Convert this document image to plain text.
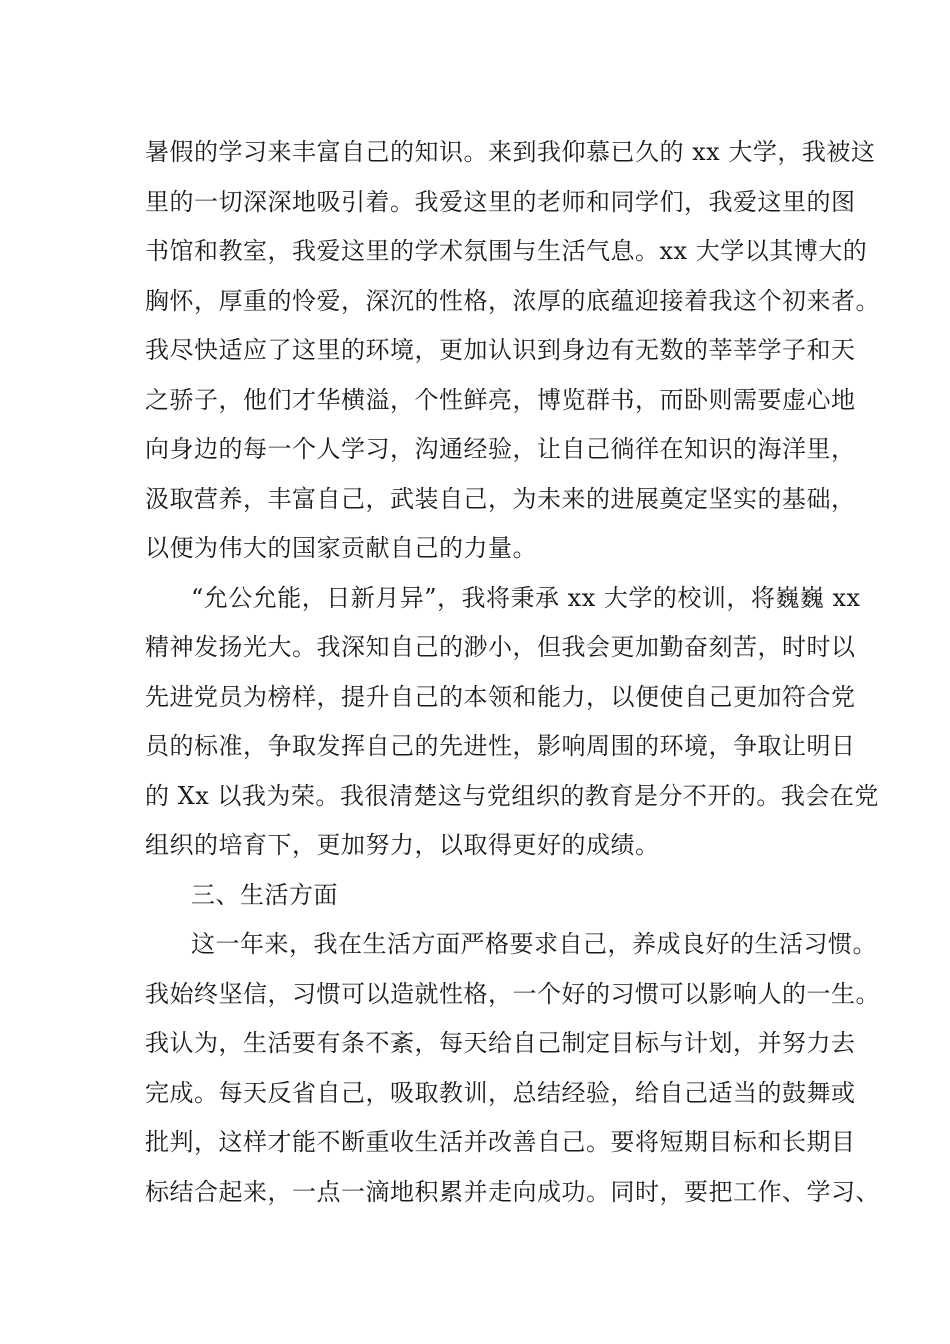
暑假的学习来丰富自己的知识。来到我仰慕已久的 xx 大学，我被这
里的一切深深地吸引着。我爱这里的老师和同学们，我爱这里的图
书馆和教室，我爱这里的学术氛围与生活气息。xx 大学以其博大的
胸怀，厚重的怜爱，深沉的性格，浓厚的底蕴迎接着我这个初来者。
我尽快适应了这里的环境，更加认识到身边有无数的莘莘学子和天
之骄子，他们才华横溢，个性鲜亮，博览群书，而卧则需要虚心地
向身边的每一个人学习，沟通经验，让自己徜徉在知识的海洋里，
汲取营养，丰富自己，武装自己，为未来的进展奠定坚实的基础，
以便为伟大的国家贡献自己的力量。
“允公允能，日新月异”，我将秉承 xx 大学的校训，将巍巍 xx
精神发扬光大。我深知自己的渺小，但我会更加勤奋刻苦，时时以
先进党员为榜样，提升自己的本领和能力，以便使自己更加符合党
员的标准，争取发挥自己的先进性，影响周围的环境，争取让明日
的 Xx 以我为荣。我很清楚这与党组织的教育是分不开的。我会在党
组织的培育下，更加努力，以取得更好的成绩。
三、生活方面
这一年来，我在生活方面严格要求自己，养成良好的生活习惯。
我始终坚信，习惯可以造就性格，一个好的习惯可以影响人的一生。
我认为，生活要有条不紊，每天给自己制定目标与计划，并努力去
完成。每天反省自己，吸取教训，总结经验，给自己适当的鼓舞或
批判，这样才能不断重收生活并改善自己。要将短期目标和长期目
标结合起来，一点一滴地积累并走向成功。同时，要把工作、学习、
